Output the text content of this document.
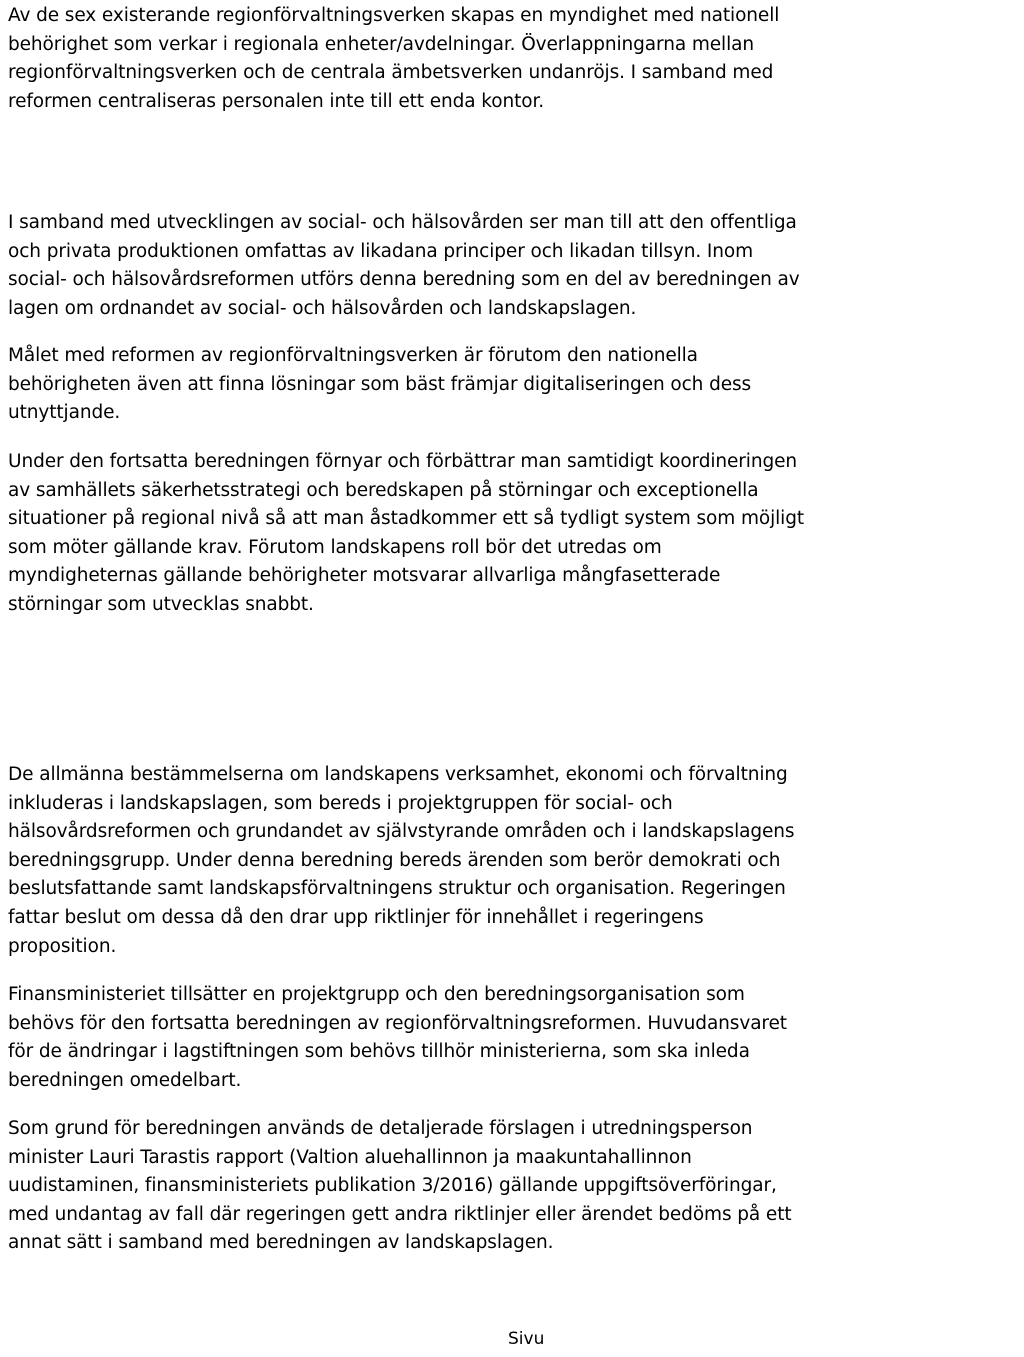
Av de sex existerande regionförvaltningsverken skapas en myndighet med nationell
behörighet som verkar i regionala enheter/avdelningar. Överlappningarna mellan
regionförvaltningsverken och de centrala ämbetsverken undanröjs. I samband med
reformen centraliseras personalen inte till ett enda kontor.

I samband med utvecklingen av social- och hälsovården ser man till att den offentliga
och privata produktionen omfattas av likadana principer och likadan tillsyn. Inom
social- och hälsovårdsreformen utförs denna beredning som en del av beredningen av
lagen om ordnandet av social- och hälsovården och landskapslagen.

Målet med reformen av regionförvaltningsverken är förutom den nationella
behörigheten även att finna lösningar som bäst främjar digitaliseringen och dess
utnyttjande.

Under den fortsatta beredningen förnyar och förbättrar man samtidigt koordineringen
av samhällets säkerhetsstrategi och beredskapen på störningar och exceptionella
situationer på regional nivå så att man åstadkommer ett så tydligt system som möjligt
som möter gällande krav. Förutom landskapens roll bör det utredas om
myndigheternas gällande behörigheter motsvarar allvarliga mångfasetterade
störningar som utvecklas snabbt.

De allmänna bestämmelserna om landskapens verksamhet, ekonomi och förvaltning
inkluderas i landskapslagen, som bereds i projektgruppen för social- och
hälsovårdsreformen och grundandet av självstyrande områden och i landskapslagens
beredningsgrupp. Under denna beredning bereds ärenden som berör demokrati och
beslutsfattande samt landskapsförvaltningens struktur och organisation. Regeringen
fattar beslut om dessa då den drar upp riktlinjer för innehållet i regeringens
proposition.

Finansministeriet tillsätter en projektgrupp och den beredningsorganisation som
behövs för den fortsatta beredningen av regionförvaltningsreformen. Huvudansvaret
för de ändringar i lagstiftningen som behövs tillhör ministerierna, som ska inleda
beredningen omedelbart.

Som grund för beredningen används de detaljerade förslagen i utredningsperson
minister Lauri Tarastis rapport (Valtion aluehallinnon ja maakuntahallinnon
uudistaminen, finansministeriets publikation 3/2016) gällande uppgiftsöverföringar,
med undantag av fall där regeringen gett andra riktlinjer eller ärendet bedöms på ett
annat sätt i samband med beredningen av landskapslagen.

Sivu
